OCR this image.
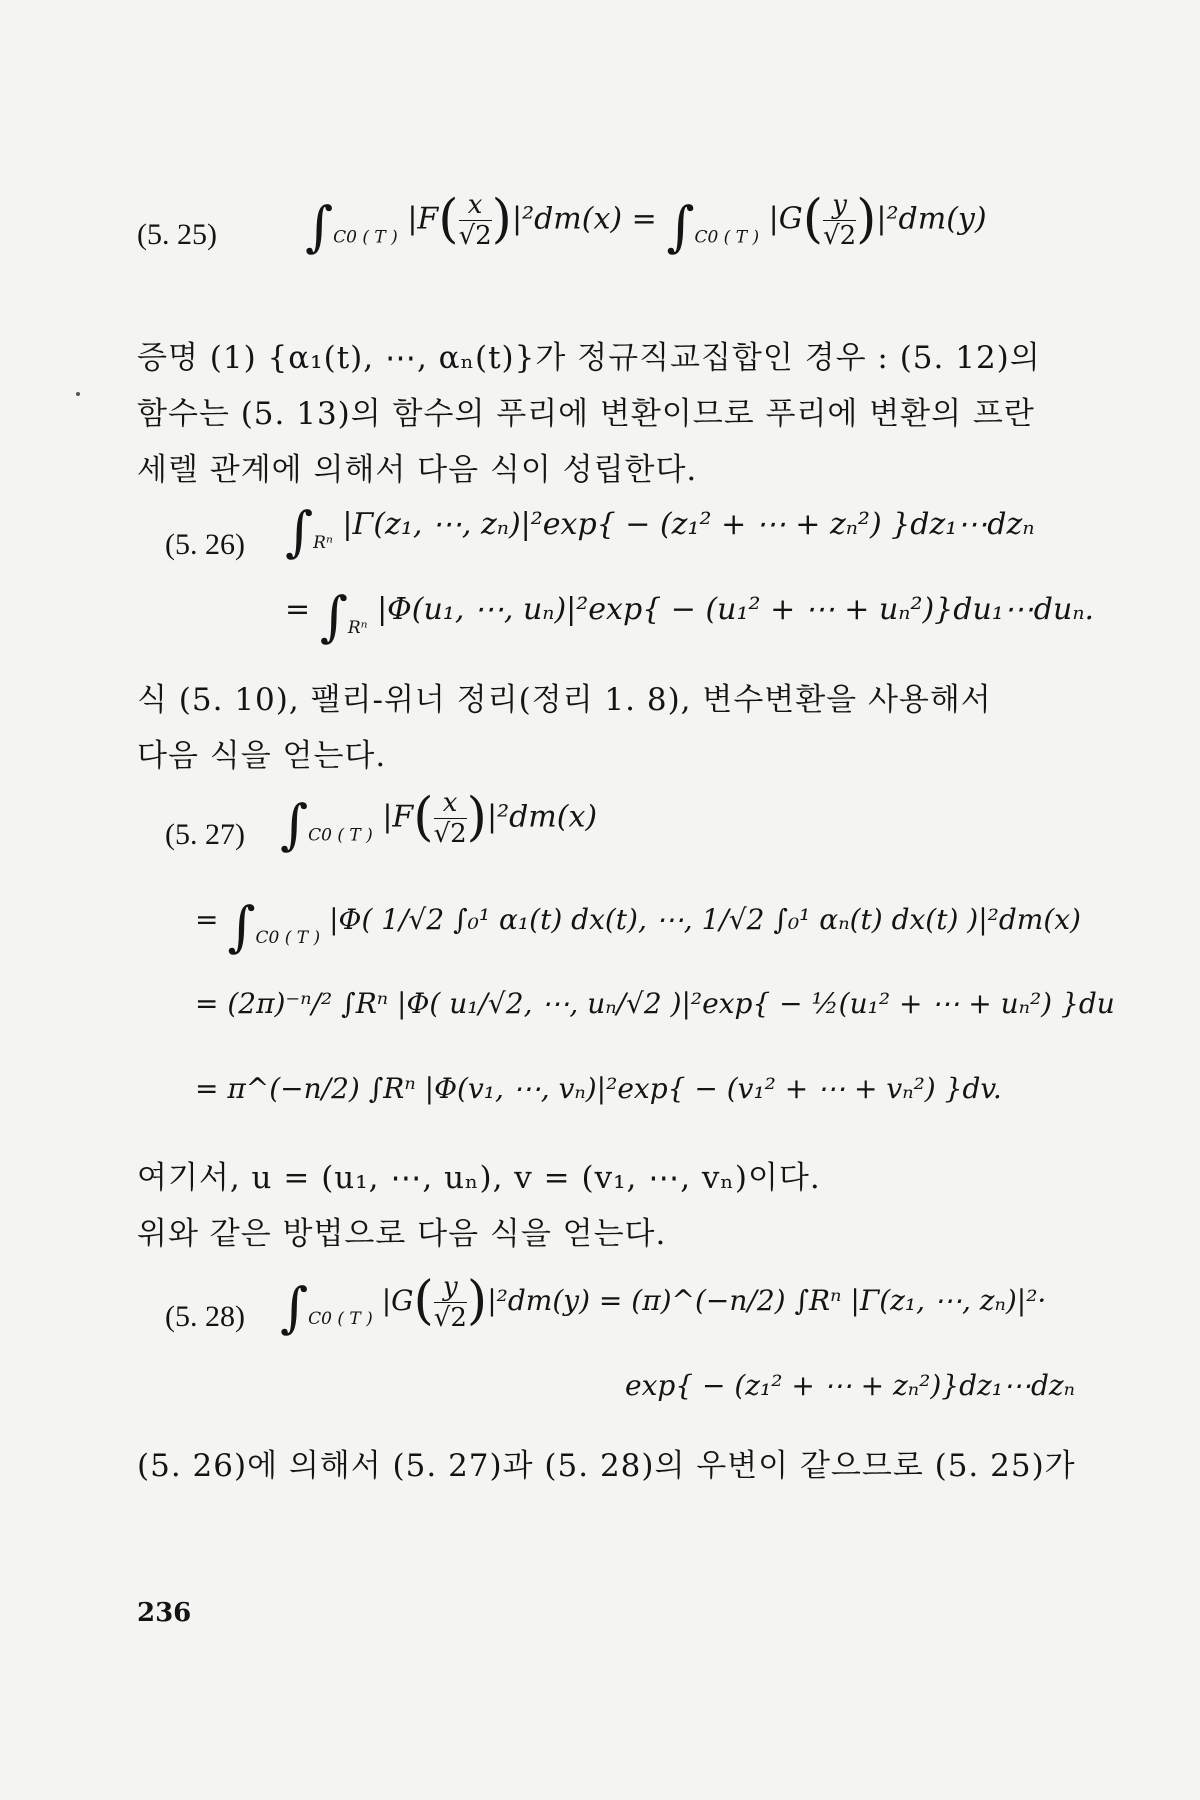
(5. 25) $\int_{C0 ( T )}$ $|F( \frac{x}{√2} )|^2dm(x) = \int_{C0 ( T )}$ $|G( \frac{y}{√2} )|^2dm(y)$
증명 (1) {α₁(t), ⋯, αₙ(t)}가 정규직교집합인 경우 : (5. 12)의
함수는 (5. 13)의 함수의 푸리에 변환이므로 푸리에 변환의 프란
세렐 관계에 의해서 다음 식이 성립한다.
(5. 26) $\int_{R^n}$ |Γ(z₁, ⋯, zₙ)|²exp{ − (z₁² + ⋯ + zₙ²) }dz₁⋯dzₙ
= $\int_{R^n}$ |Φ(u₁, ⋯, uₙ)|²exp{ − (u₁² + ⋯ + uₙ²)}du₁⋯duₙ.
식 (5. 10), 팰리-위너 정리(정리 1. 8), 변수변환을 사용해서
다음 식을 얻는다.
(5. 27) $\int_{C0 ( T )}$ $|F( \frac{x}{√2} )|^2dm(x)$
= $\int_{C0 ( T )}$ |Φ( 1/√2 ∫₀¹ α₁(t) dx(t), ⋯, 1/√2 ∫₀¹ αₙ(t) dx(t) )|²dm(x)
= (2π)⁻ⁿ/² ∫Rⁿ |Φ( u₁/√2, ⋯, uₙ/√2 )|²exp{ − ½(u₁² + ⋯ + uₙ²) }du
= π^(−n/2) ∫Rⁿ |Φ(v₁, ⋯, vₙ)|²exp{ − (v₁² + ⋯ + vₙ²) }dv.
여기서, u = (u₁, ⋯, uₙ), v = (v₁, ⋯, vₙ)이다.
위와 같은 방법으로 다음 식을 얻는다.
(5. 28) $\int_{C0 ( T )}$ $|G( \frac{y}{√2} )|^2dm(y)$ = (π)^(−n/2) ∫Rⁿ |Γ(z₁, ⋯, zₙ)|²·
exp{ − (z₁² + ⋯ + zₙ²)}dz₁⋯dzₙ
(5. 26)에 의해서 (5. 27)과 (5. 28)의 우변이 같으므로 (5. 25)가
236
